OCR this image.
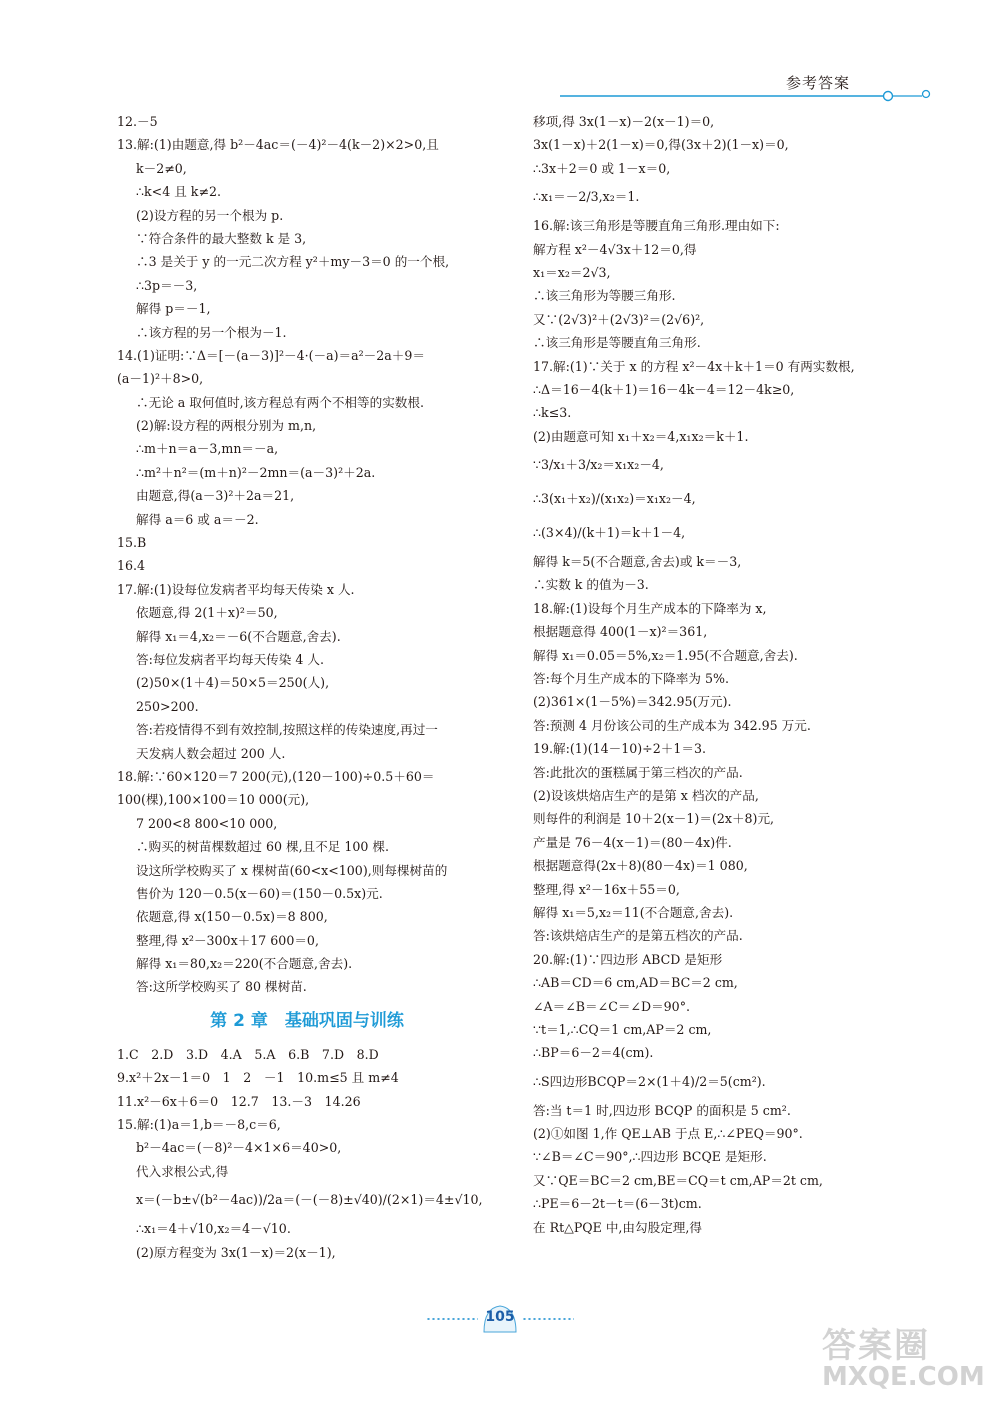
参考答案
12.－5
13.解:(1)由题意,得 b²－4ac＝(－4)²－4(k－2)×2>0,且
k－2≠0,
∴k<4 且 k≠2.
(2)设方程的另一个根为 p.
∵符合条件的最大整数 k 是 3,
∴3 是关于 y 的一元二次方程 y²＋my－3＝0 的一个根,
∴3p＝－3,
解得 p＝－1,
∴该方程的另一个根为－1.
14.(1)证明:∵Δ＝[－(a－3)]²－4·(－a)＝a²－2a＋9＝
(a－1)²＋8>0,
∴无论 a 取何值时,该方程总有两个不相等的实数根.
(2)解:设方程的两根分别为 m,n,
∴m＋n＝a－3,mn＝－a,
∴m²＋n²＝(m＋n)²－2mn＝(a－3)²＋2a.
由题意,得(a－3)²＋2a＝21,
解得 a＝6 或 a＝－2.
15.B
16.4
17.解:(1)设每位发病者平均每天传染 x 人.
依题意,得 2(1＋x)²＝50,
解得 x₁＝4,x₂＝－6(不合题意,舍去).
答:每位发病者平均每天传染 4 人.
(2)50×(1＋4)＝50×5＝250(人),
250>200.
答:若疫情得不到有效控制,按照这样的传染速度,再过一
天发病人数会超过 200 人.
18.解:∵60×120＝7 200(元),(120－100)÷0.5＋60＝
100(棵),100×100＝10 000(元),
7 200<8 800<10 000,
∴购买的树苗棵数超过 60 棵,且不足 100 棵.
设这所学校购买了 x 棵树苗(60<x<100),则每棵树苗的
售价为 120－0.5(x－60)＝(150－0.5x)元.
依题意,得 x(150－0.5x)＝8 800,
整理,得 x²－300x＋17 600＝0,
解得 x₁＝80,x₂＝220(不合题意,舍去).
答:这所学校购买了 80 棵树苗.
第 2 章　基础巩固与训练
1.C　2.D　3.D　4.A　5.A　6.B　7.D　8.D
9.x²＋2x－1＝0　1　2　－1　10.m≤5 且 m≠4
11.x²－6x＋6＝0　12.7　13.－3　14.26
15.解:(1)a＝1,b＝－8,c＝6,
b²－4ac＝(－8)²－4×1×6＝40>0,
代入求根公式,得
x＝(－b±√(b²－4ac))/2a＝(－(－8)±√40)/(2×1)＝4±√10,
∴x₁＝4＋√10,x₂＝4－√10.
(2)原方程变为 3x(1－x)＝2(x－1),
移项,得 3x(1－x)－2(x－1)＝0,
3x(1－x)＋2(1－x)＝0,得(3x＋2)(1－x)＝0,
∴3x＋2＝0 或 1－x＝0,
∴x₁＝－2/3,x₂＝1.
16.解:该三角形是等腰直角三角形.理由如下:
解方程 x²－4√3x＋12＝0,得
x₁＝x₂＝2√3,
∴该三角形为等腰三角形.
又∵(2√3)²＋(2√3)²＝(2√6)²,
∴该三角形是等腰直角三角形.
17.解:(1)∵关于 x 的方程 x²－4x＋k＋1＝0 有两实数根,
∴Δ＝16－4(k＋1)＝16－4k－4＝12－4k≥0,
∴k≤3.
(2)由题意可知 x₁＋x₂＝4,x₁x₂＝k＋1.
∵3/x₁＋3/x₂＝x₁x₂－4,
∴3(x₁＋x₂)/(x₁x₂)＝x₁x₂－4,
∴(3×4)/(k＋1)＝k＋1－4,
解得 k＝5(不合题意,舍去)或 k＝－3,
∴实数 k 的值为－3.
18.解:(1)设每个月生产成本的下降率为 x,
根据题意得 400(1－x)²＝361,
解得 x₁＝0.05＝5%,x₂＝1.95(不合题意,舍去).
答:每个月生产成本的下降率为 5%.
(2)361×(1－5%)＝342.95(万元).
答:预测 4 月份该公司的生产成本为 342.95 万元.
19.解:(1)(14－10)÷2＋1＝3.
答:此批次的蛋糕属于第三档次的产品.
(2)设该烘焙店生产的是第 x 档次的产品,
则每件的利润是 10＋2(x－1)＝(2x＋8)元,
产量是 76－4(x－1)＝(80－4x)件.
根据题意得(2x＋8)(80－4x)＝1 080,
整理,得 x²－16x＋55＝0,
解得 x₁＝5,x₂＝11(不合题意,舍去).
答:该烘焙店生产的是第五档次的产品.
20.解:(1)∵四边形 ABCD 是矩形
∴AB＝CD＝6 cm,AD＝BC＝2 cm,
∠A＝∠B＝∠C＝∠D＝90°.
∵t＝1,∴CQ＝1 cm,AP＝2 cm,
∴BP＝6－2＝4(cm).
∴S四边形BCQP＝2×(1＋4)/2＝5(cm²).
答:当 t＝1 时,四边形 BCQP 的面积是 5 cm².
(2)①如图 1,作 QE⊥AB 于点 E,∴∠PEQ＝90°.
∵∠B＝∠C＝90°,∴四边形 BCQE 是矩形.
又∵QE＝BC＝2 cm,BE＝CQ＝t cm,AP＝2t cm,
∴PE＝6－2t－t＝(6－3t)cm.
在 Rt△PQE 中,由勾股定理,得
105
答案圈
MXQE.COM
